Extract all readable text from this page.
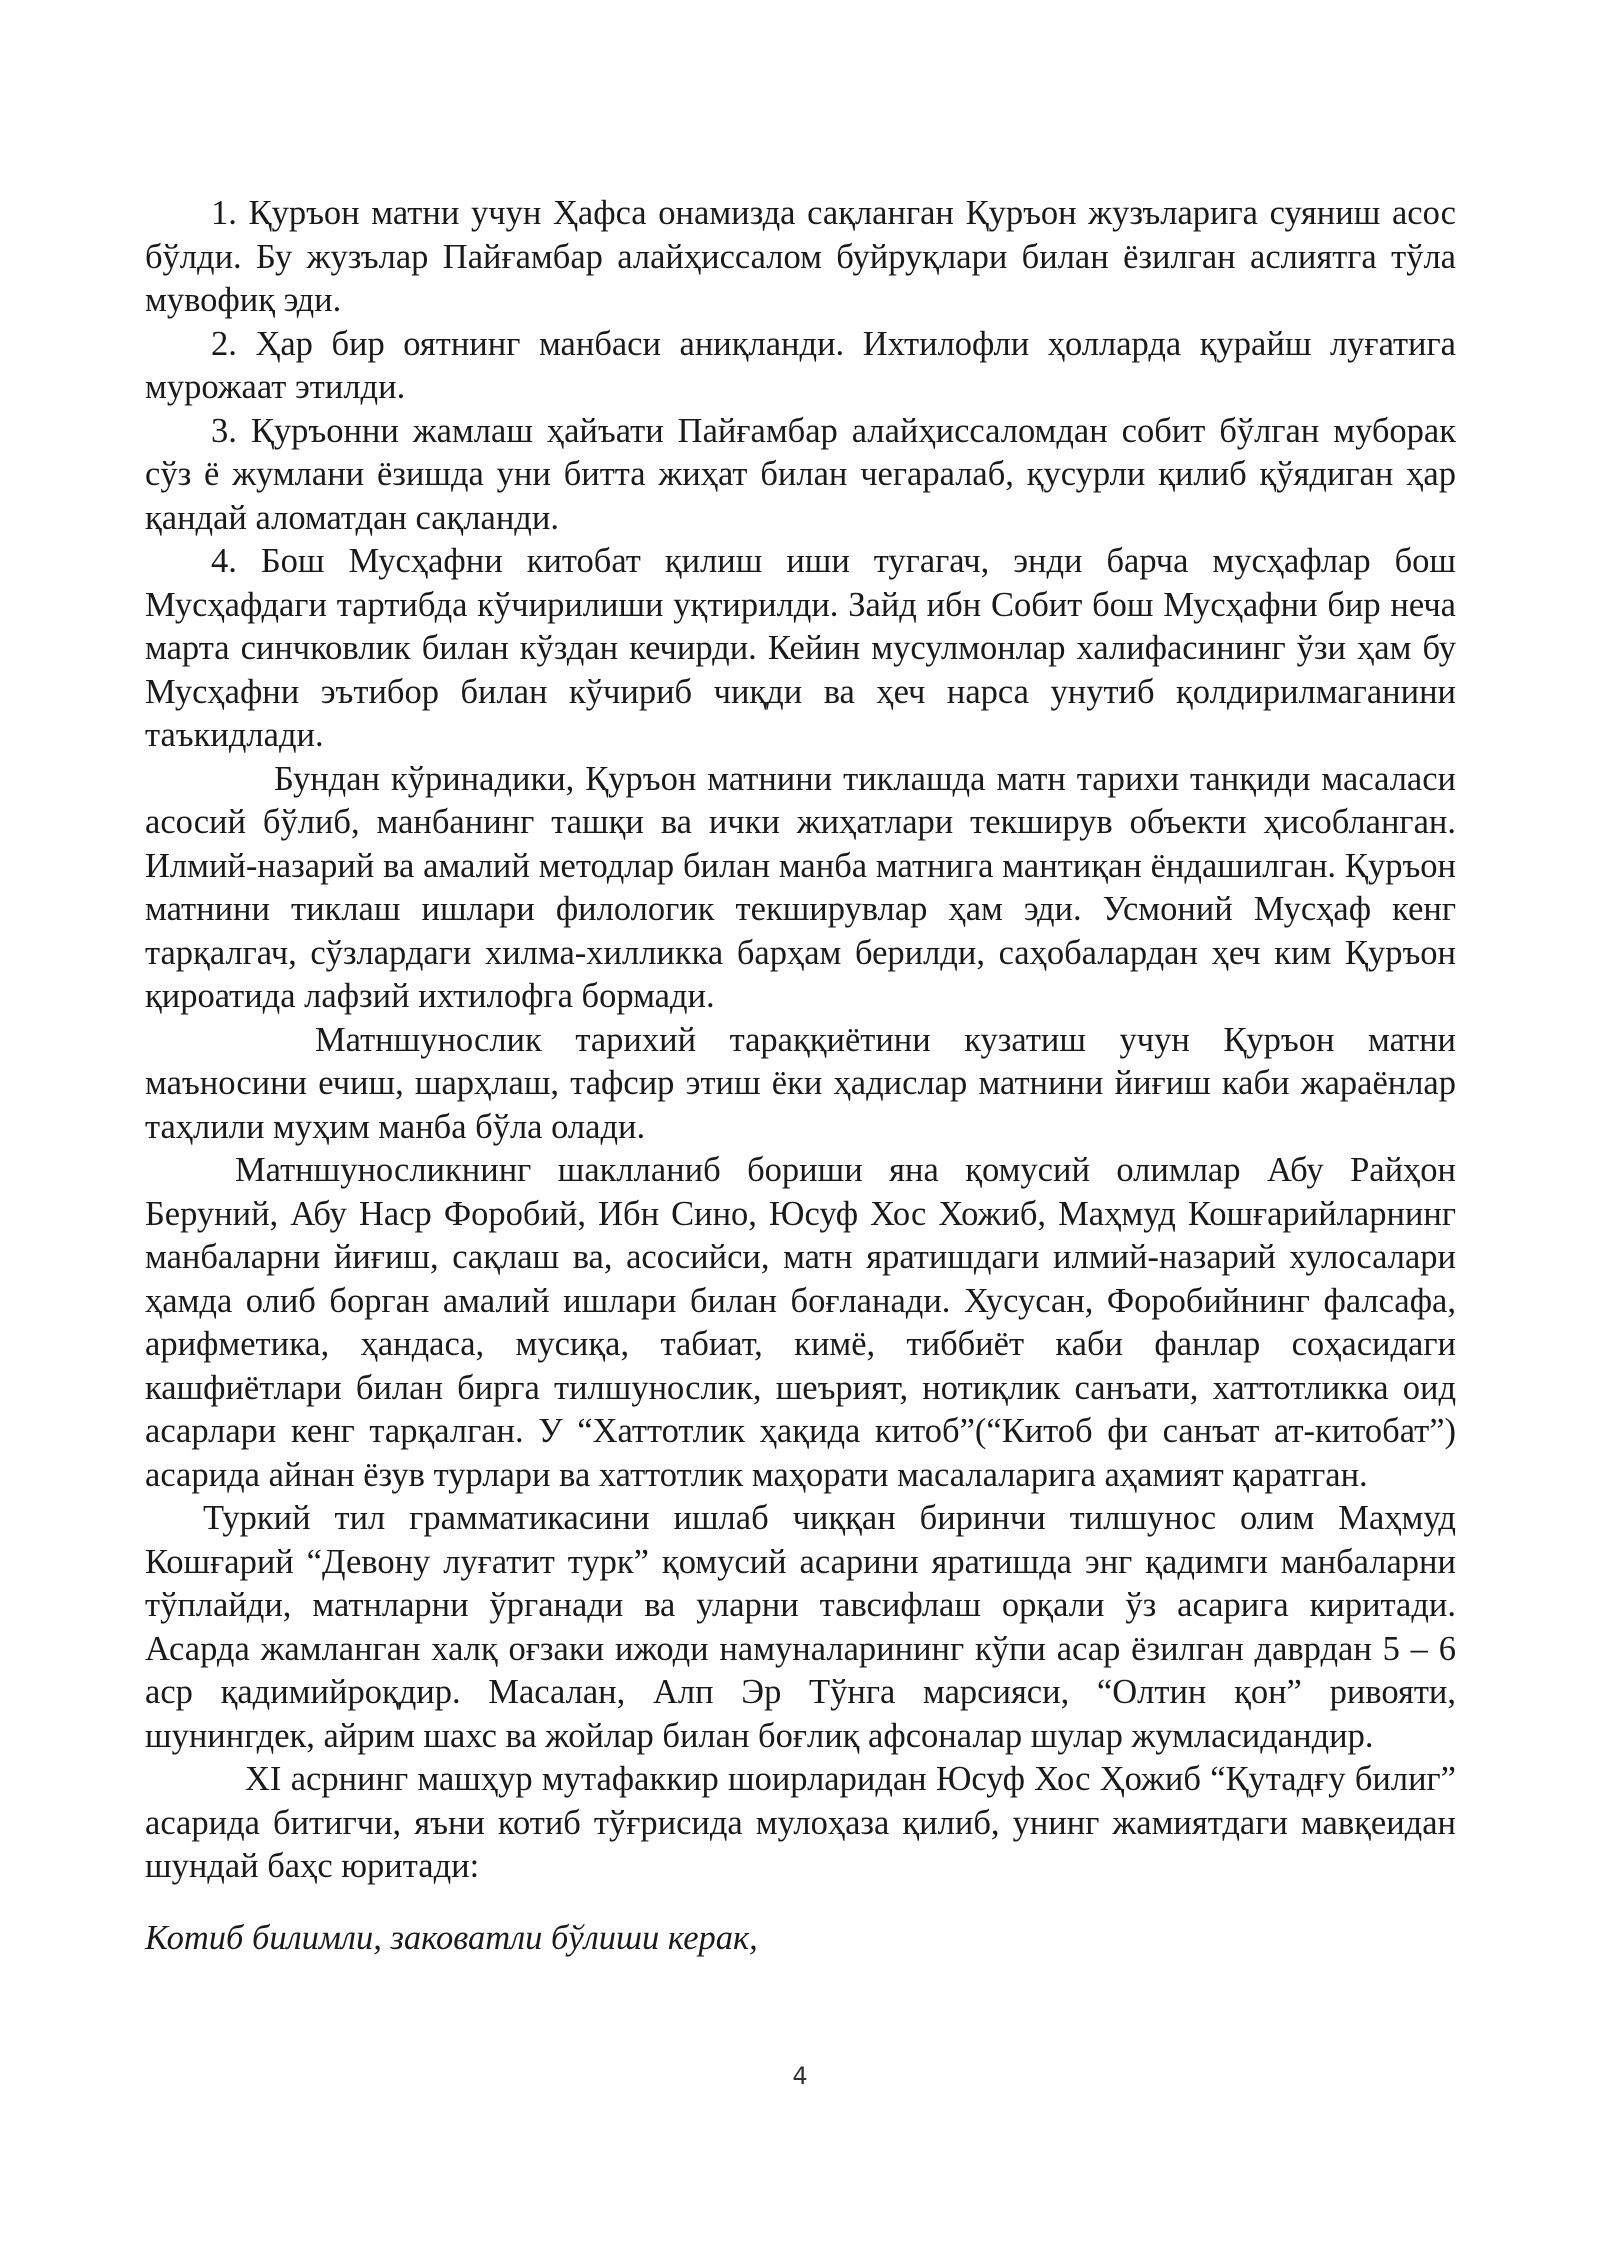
1. Қуръон матни учун Ҳафса онамизда сақланган Қуръон жузъларига суяниш асос бўлди. Бу жузълар Пайғамбар алайҳиссалом буйруқлари билан ёзилган аслиятга тўла мувофиқ эди.

2. Ҳар бир оятнинг манбаси аниқланди. Ихтилофли ҳолларда қурайш луғатига мурожаат этилди.

3. Қуръонни жамлаш ҳайъати Пайғамбар алайҳиссаломдан собит бўлган муборак сўз ё жумлани ёзишда уни битта жиҳат билан чегаралаб, қусурли қилиб қўядиган ҳар қандай аломатдан сақланди.

4. Бош Мусҳафни китобат қилиш иши тугагач, энди барча мусҳафлар бош Мусҳафдаги тартибда кўчирилиши уқтирилди. Зайд ибн Собит бош Мусҳафни бир неча марта синчковлик билан кўздан кечирди. Кейин мусулмонлар халифасининг ўзи ҳам бу Мусҳафни эътибор билан кўчириб чиқди ва ҳеч нарса унутиб қолдирилмаганини таъкидлади.

Бундан кўринадики, Қуръон матнини тиклашда матн тарихи танқиди масаласи асосий бўлиб, манбанинг ташқи ва ички жиҳатлари текширув объекти ҳисобланган. Илмий-назарий ва амалий методлар билан манба матнига мантиқан ёндашилган. Қуръон матнини тиклаш ишлари филологик текширувлар ҳам эди. Усмоний Мусҳаф кенг тарқалгач, сўзлардаги хилма-хилликка барҳам берилди, саҳобалардан ҳеч ким Қуръон қироатида лафзий ихтилофга бормади.

Матншунослик тарихий тараққиётини кузатиш учун Қуръон матни маъносини ечиш, шарҳлаш, тафсир этиш ёки ҳадислар матнини йиғиш каби жараёнлар таҳлили муҳим манба бўла олади.

Матншуносликнинг шаклланиб бориши яна қомусий олимлар Абу Райҳон Беруний, Абу Наср Форобий, Ибн Сино, Юсуф Хос Хожиб, Маҳмуд Кошғарийларнинг манбаларни йиғиш, сақлаш ва, асосийси, матн яратишдаги илмий-назарий хулосалари ҳамда олиб борган амалий ишлари билан боғланади. Хусусан, Форобийнинг фалсафа, арифметика, ҳандаса, мусиқа, табиат, кимё, тиббиёт каби фанлар соҳасидаги кашфиётлари билан бирга тилшунослик, шеърият, нотиқлик санъати, хаттотликка оид асарлари кенг тарқалган. У “Хаттотлик ҳақида китоб”(“Китоб фи санъат ат-китобат”) асарида айнан ёзув турлари ва хаттотлик маҳорати масалаларига аҳамият қаратган.

Туркий тил грамматикасини ишлаб чиққан биринчи тилшунос олим Маҳмуд Кошғарий “Девону луғатит турк” қомусий асарини яратишда энг қадимги манбаларни тўплайди, матнларни ўрганади ва уларни тавсифлаш орқали ўз асарига киритади. Асарда жамланган халқ оғзаки ижоди намуналарининг кўпи асар ёзилган даврдан 5 – 6 аср қадимийроқдир. Масалан, Алп Эр Тўнга марсияси, “Олтин қон” ривояти, шунингдек, айрим шахс ва жойлар билан боғлиқ афсоналар шулар жумласидандир.

XI асрнинг машҳур мутафаккир шоирларидан Юсуф Хос Ҳожиб “Қутадғу билиг” асарида битигчи, яъни котиб тўғрисида мулоҳаза қилиб, унинг жамиятдаги мавқеидан шундай баҳс юритади:

Котиб билимли, заковатли бўлиши керак,

4
